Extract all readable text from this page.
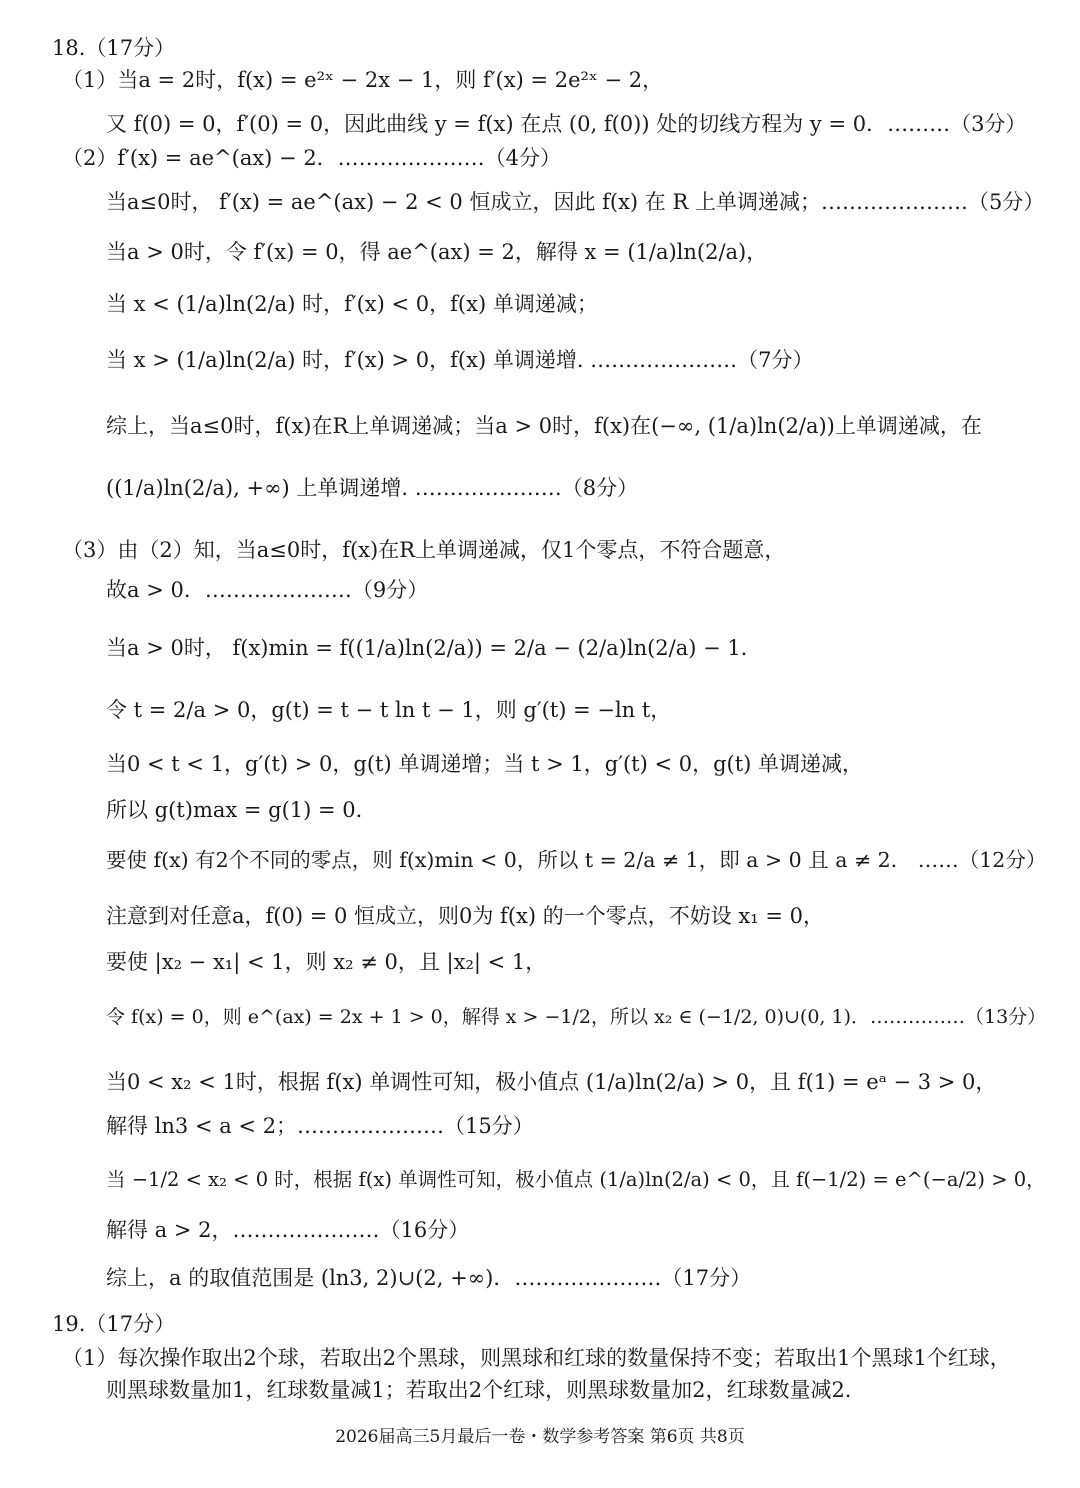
18.（17分）
（1）当a = 2时，f(x) = e²ˣ − 2x − 1，则 f′(x) = 2e²ˣ − 2，
又 f(0) = 0，f′(0) = 0，因此曲线 y = f(x) 在点 (0, f(0)) 处的切线方程为 y = 0．………（3分）
（2）f′(x) = ae^(ax) − 2．…………………（4分）
当a≤0时， f′(x) = ae^(ax) − 2 < 0 恒成立，因此 f(x) 在 R 上单调递减；…………………（5分）
当a > 0时，令 f′(x) = 0，得 ae^(ax) = 2，解得 x = (1/a)ln(2/a)，
当 x < (1/a)ln(2/a) 时，f′(x) < 0，f(x) 单调递减；
当 x > (1/a)ln(2/a) 时，f′(x) > 0，f(x) 单调递增. …………………（7分）
综上，当a≤0时，f(x)在R上单调递减；当a > 0时，f(x)在(−∞, (1/a)ln(2/a))上单调递减，在
((1/a)ln(2/a), +∞) 上单调递增. …………………（8分）
（3）由（2）知，当a≤0时，f(x)在R上单调递减，仅1个零点，不符合题意，
故a > 0．…………………（9分）
当a > 0时， f(x)min = f((1/a)ln(2/a)) = 2/a − (2/a)ln(2/a) − 1．
令 t = 2/a > 0，g(t) = t − t ln t − 1，则 g′(t) = −ln t，
当0 < t < 1，g′(t) > 0，g(t) 单调递增；当 t > 1，g′(t) < 0，g(t) 单调递减，
所以 g(t)max = g(1) = 0．
要使 f(x) 有2个不同的零点，则 f(x)min < 0，所以 t = 2/a ≠ 1，即 a > 0 且 a ≠ 2． ……（12分）
注意到对任意a，f(0) = 0 恒成立，则0为 f(x) 的一个零点，不妨设 x₁ = 0，
要使 |x₂ − x₁| < 1，则 x₂ ≠ 0，且 |x₂| < 1，
令 f(x) = 0，则 e^(ax) = 2x + 1 > 0，解得 x > −1/2，所以 x₂ ∈ (−1/2, 0)∪(0, 1)．……………（13分）
当0 < x₂ < 1时，根据 f(x) 单调性可知，极小值点 (1/a)ln(2/a) > 0，且 f(1) = eᵃ − 3 > 0，
解得 ln3 < a < 2；…………………（15分）
当 −1/2 < x₂ < 0 时，根据 f(x) 单调性可知，极小值点 (1/a)ln(2/a) < 0，且 f(−1/2) = e^(−a/2) > 0，
解得 a > 2，…………………（16分）
综上，a 的取值范围是 (ln3, 2)∪(2, +∞)．…………………（17分）
19.（17分）
（1）每次操作取出2个球，若取出2个黑球，则黑球和红球的数量保持不变；若取出1个黑球1个红球，
则黑球数量加1，红球数量减1；若取出2个红球，则黑球数量加2，红球数量减2.
2026届高三5月最后一卷・数学参考答案 第6页 共8页
